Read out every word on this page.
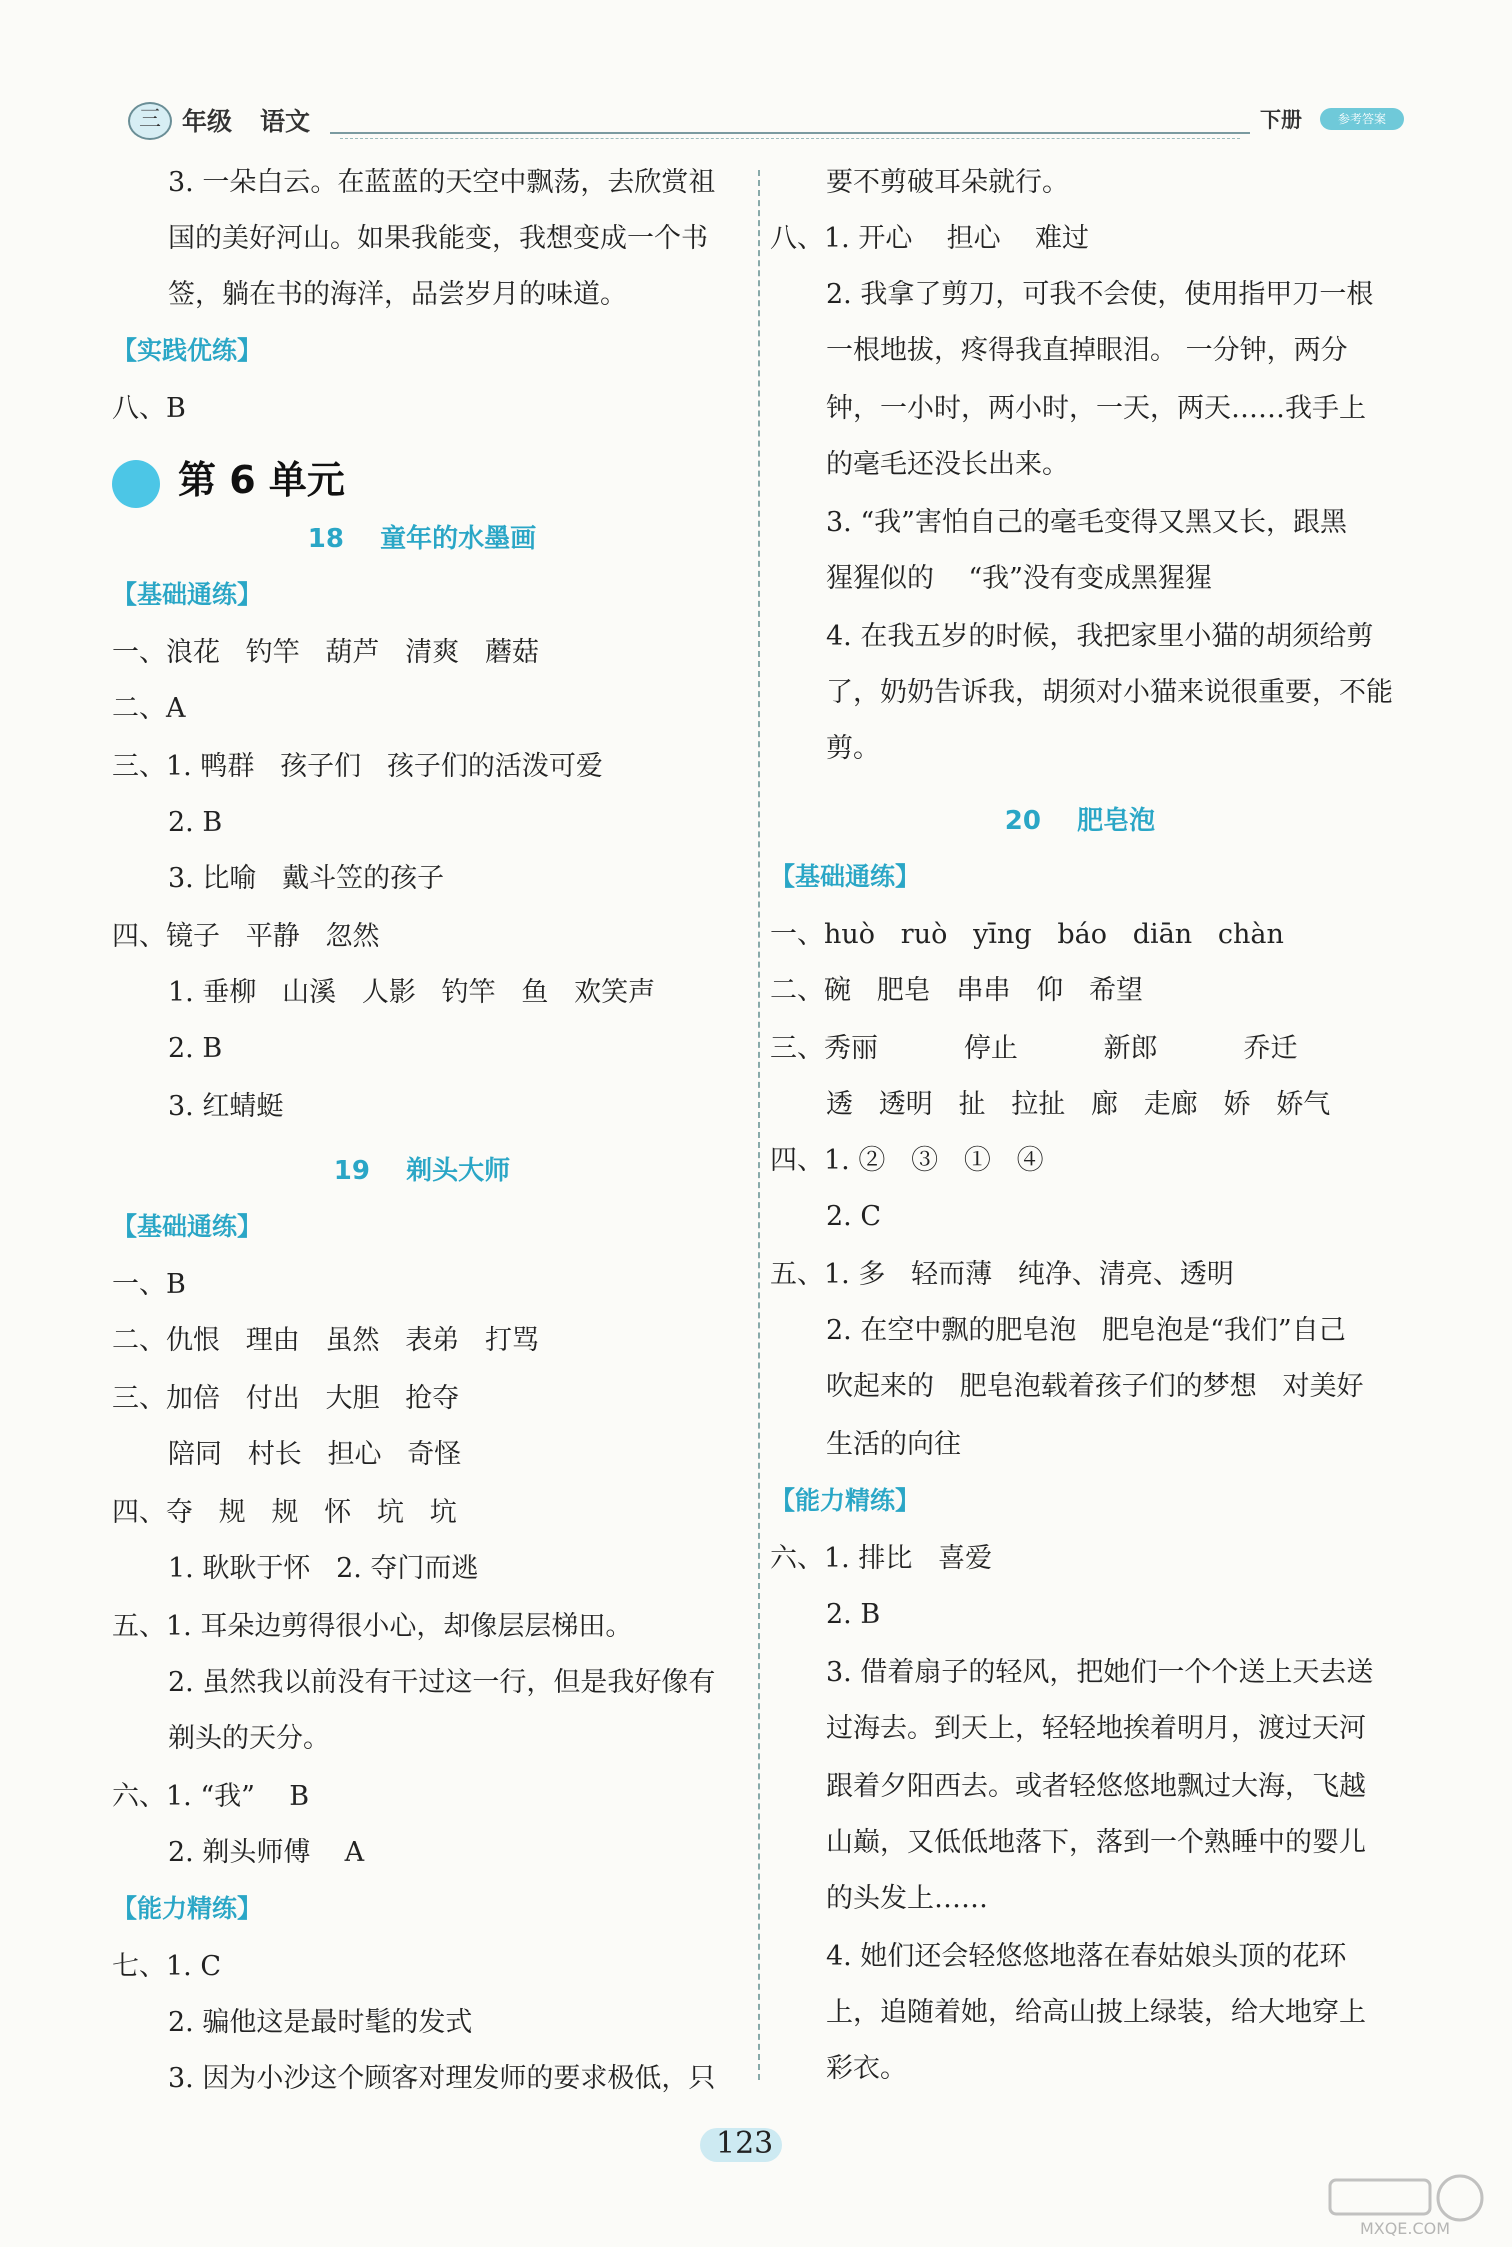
三 年级 语文	下册	参考答案
3. 一朵白云。在蓝蓝的天空中飘荡，去欣赏祖
国的美好河山。如果我能变，我想变成一个书
签，躺在书的海洋，品尝岁月的味道。
【实践优练】
八、B
18    童年的水墨画
【基础通练】
一、浪花   钓竿   葫芦   清爽   蘑菇
二、A
三、1. 鸭群   孩子们   孩子们的活泼可爱
2. B
3. 比喻   戴斗笠的孩子
四、镜子   平静   忽然
1. 垂柳   山溪   人影   钓竿   鱼   欢笑声
2. B
3. 红蜻蜓
19    剃头大师
【基础通练】
一、B
二、仇恨   理由   虽然   表弟   打骂
三、加倍   付出   大胆   抢夺
陪同   村长   担心   奇怪
四、夺   规   规   怀   坑   坑
1. 耿耿于怀   2. 夺门而逃
五、1. 耳朵边剪得很小心，却像层层梯田。
2. 虽然我以前没有干过这一行，但是我好像有
剃头的天分。
六、1. “我”    B
2. 剃头师傅    A
【能力精练】
七、1. C
2. 骗他这是最时髦的发式
3. 因为小沙这个顾客对理发师的要求极低，只
第 6 单元
要不剪破耳朵就行。
八、1. 开心    担心    难过
2. 我拿了剪刀，可我不会使，使用指甲刀一根
一根地拔，疼得我直掉眼泪。 一分钟，两分
钟，一小时，两小时，一天，两天……我手上
的毫毛还没长出来。
3. “我”害怕自己的毫毛变得又黑又长，跟黑
猩猩似的    “我”没有变成黑猩猩
4. 在我五岁的时候，我把家里小猫的胡须给剪
了，奶奶告诉我，胡须对小猫来说很重要，不能
剪。
20    肥皂泡
【基础通练】
一、huò   ruò   yīng   báo   diān   chàn
二、碗   肥皂   串串   仰   希望
三、秀丽          停止          新郎          乔迁
透   透明   扯   拉扯   廊   走廊   娇   娇气
四、1. ②   ③   ①   ④
2. C
五、1. 多   轻而薄   纯净、清亮、透明
2. 在空中飘的肥皂泡   肥皂泡是“我们”自己
吹起来的   肥皂泡载着孩子们的梦想   对美好
生活的向往
【能力精练】
六、1. 排比   喜爱
2. B
3. 借着扇子的轻风，把她们一个个送上天去送
过海去。到天上，轻轻地挨着明月，渡过天河
跟着夕阳西去。或者轻悠悠地飘过大海，飞越
山巅，又低低地落下，落到一个熟睡中的婴儿
的头发上……
4. 她们还会轻悠悠地落在春姑娘头顶的花环
上，追随着她，给高山披上绿装，给大地穿上
彩衣。
123
MXQE.COM
